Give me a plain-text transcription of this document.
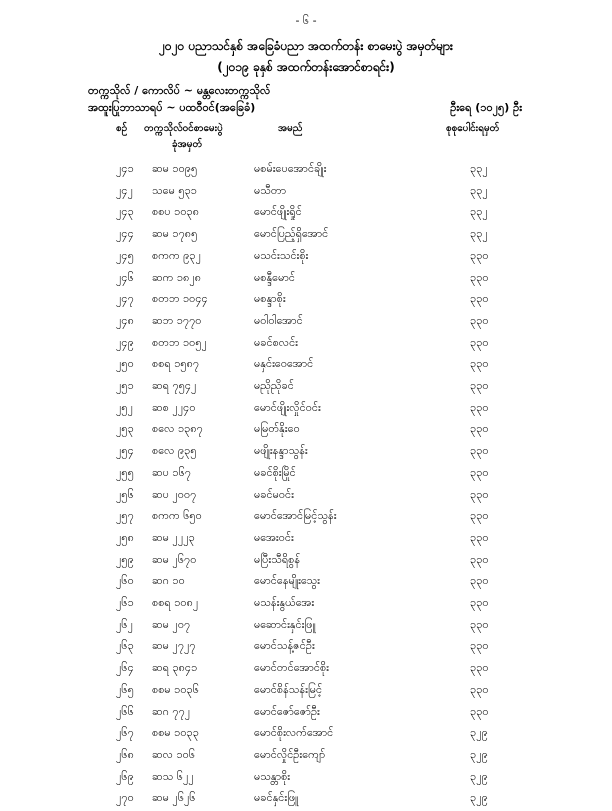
- ၆ -
၂၀၂၀ ပညာသင်နှစ် အခြေခံပညာ အထက်တန်း စာမေးပွဲ အမှတ်များ
(၂၀၁၉ ခုနှစ် အထက်တန်းအောင်စာရင်း)
တက္ကသိုလ် / ကောလိပ် ~ မန္တလေးတက္ကသိုလ်
အထူးပြုဘာသာရပ် ~ ပထဝီဝင်(အခြေခံ)	ဦးရေ (၁၀၂၅) ဦး
စဉ် တက္ကသိုလ်ဝင်စာမေးပွဲ
ခုံအမှတ်
အမည်	စုစုပေါင်းရမှတ်
၂၄၁ ဆမ ၁၀၉၅	မစမ်းပေအောင်ချိုး	၃၃၂
၂၄၂ သမေ ၅၃၁	မသီတာ	၃၃၂
၂၄၃ စစပ ၁၀၃၈	မောင်ဖျိုးရှိုင်	၃၃၂
၂၄၄ ဆမ ၁၇၈၅	မောင်ပြည့်ရှိအောင်	၃၃၂
၂၄၅ စကက ၉၃၂	မသင်းသင်းစိုး	၃၃၀
၂၄၆ ဆက ၁၈၂၈	မစန္ဒီမောင်	၃၃၀
၂၄၇ စတဘ ၁၀၄၄	မစန္ဒာစိုး	၃၃၀
၂၄၈ ဆဘ ၁၇၇၀	မဝါဝါအောင်	၃၃၀
၂၄၉ စတဘ ၁၀၅၂	မခင်စလင်း	၃၃၀
၂၅၀ စစရ ၁၅၈၇	မနှင်းဝေအောင်	၃၃၀
၂၅၁ ဆရ ၇၅၄၂	မညိုညိုခင်	၃၃၀
၂၅၂ ဆစ ၂၂၄၀	မောင်ဖျိုးလှိုင်ဝင်း	၃၃၀
၂၅၃ စလေ ၁၃၈၇	မမြတ်နိုးဝေ	၃၃၀
၂၅၄ စလေ ၉၃၅	မဖျိုးနန္ဒာသွန်း	၃၃၀
၂၅၅ ဆပ ၁၆၇	မခင်စိုးမြိုင်	၃၃၀
၂၅၆ ဆပ ၂၀၀၇	မခင်မဝင်း	၃၃၀
၂၅၇ စကက ၆၅၀	မောင်အောင်မြင့်သွန်း	၃၃၀
၂၅၈ ဆမ ၂၂၂၃	မအေးဝင်း	၃၃၀
၂၅၉ ဆမ ၂၆၇၀	မပြီးသီရိစွန်	၃၃၀
၂၆၀ ဆဂ ၁၀	မောင်နေမျိုးသွေး	၃၃၀
၂၆၁ စစရ ၁၀၈၂	မသန်းနွယ်အေး	၃၃၀
၂၆၂ ဆမ ၂၀၇	မဆောင်းနှင်းဖြူ	၃၃၀
၂၆၃ ဆမ ၂၇၂၇	မောင်သန့်ဇင်ဦး	၃၃၀
၂၆၄ ဆရ ၃၈၄၁	မောင်တင်အောင်စိုး	၃၃၀
၂၆၅ စစမ ၁၀၃၆	မောင်စိန်သန်းမြင့်	၃၃၀
၂၆၆ ဆဂ ၇၇၂	မောင်ဇော်ဇော်ဦး	၃၃၀
၂၆၇ စစမ ၁၀၃၃	မောင်စိုးလက်အောင်	၃၂၉
၂၆၈ ဆလ ၁၀၆	မောင်လှိုင်ဦးကျော်	၃၂၉
၂၆၉ ဆသ ၆၂၂	မသန္တာစိုး	၃၂၉
၂၇၀ ဆမ ၂၆၂၆	မခင်နှင်းဖြူ	၃၂၉
